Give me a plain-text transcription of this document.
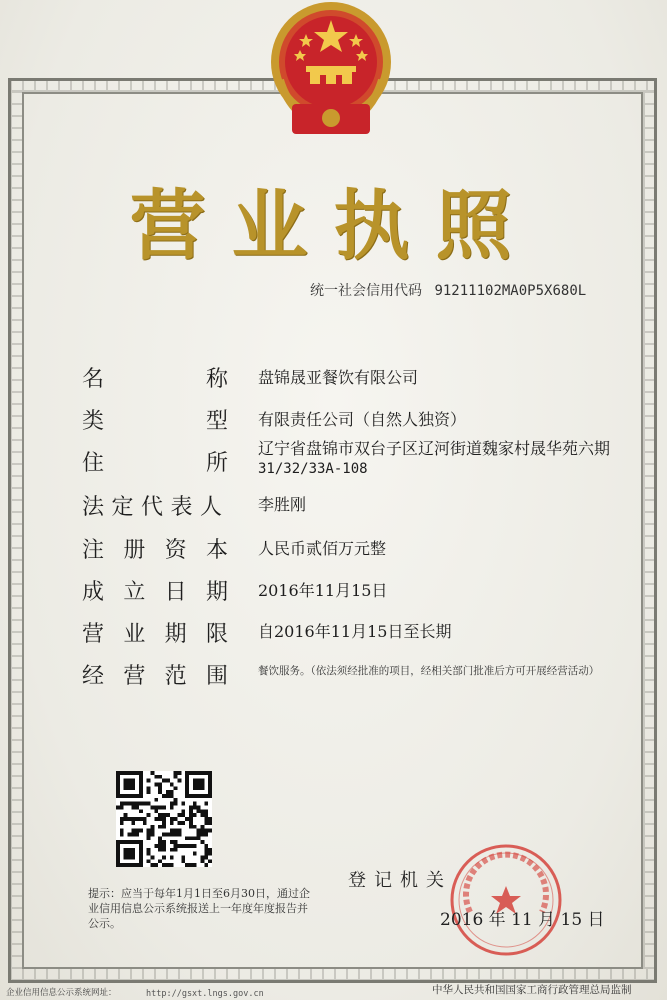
营业执照
统一社会信用代码 91211102MA0P5X680L
名	称 盘锦晟亚餐饮有限公司
类	型 有限责任公司（自然人独资）
住	所
辽宁省盘锦市双台子区辽河街道魏家村晟华苑六期
31/32/33A-108
法 定 代 表 人 李胜刚
注 册 资 本 人民币贰佰万元整
成 立 日 期 2016年11月15日
营 业 期 限 自2016年11月15日至长期
经 营 范 围	餐饮服务。（依法须经批准的项目，经相关部门批准后方可开展经营活动）
提示：应当于每年1月1日至6月30日，通过企业信用信息公示系统报送上一年度年度报告并公示。
登记机关
2016 年 11 月 15 日
企业信用信息公示系统网址：	http://gsxt.lngs.gov.cn	中华人民共和国国家工商行政管理总局监制
